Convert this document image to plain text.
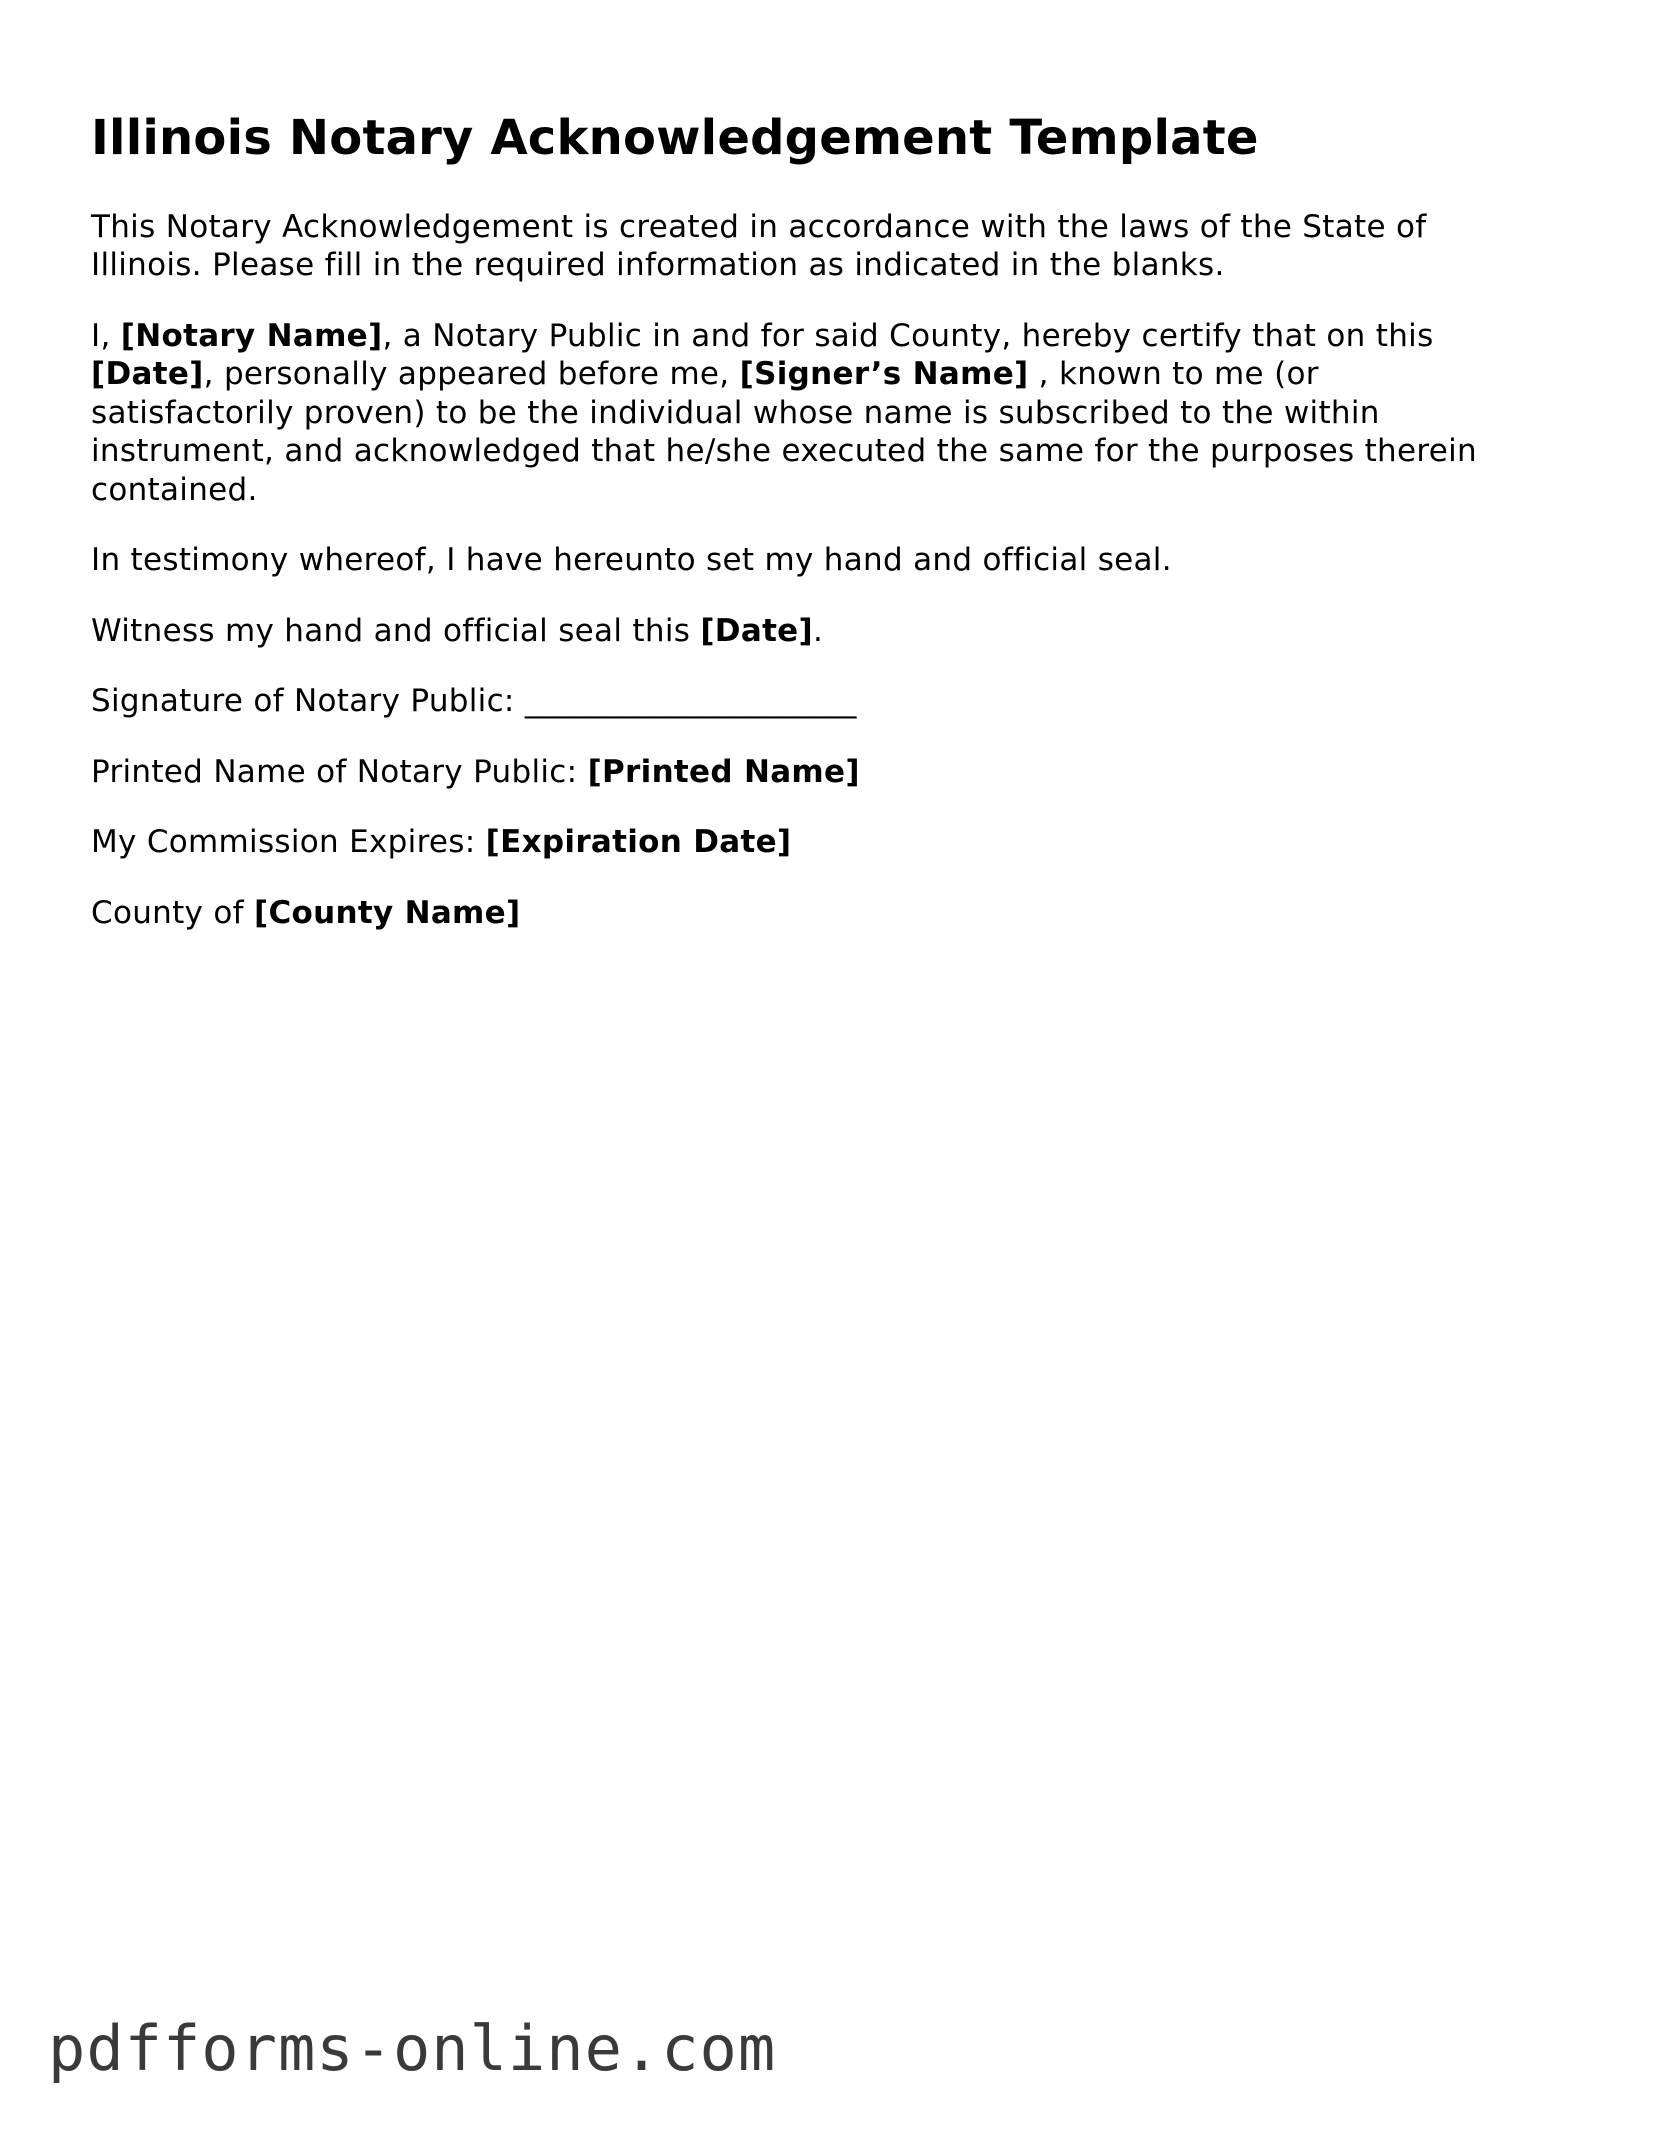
Illinois Notary Acknowledgement Template

This Notary Acknowledgement is created in accordance with the laws of the State of Illinois. Please fill in the required information as indicated in the blanks.

I, [Notary Name], a Notary Public in and for said County, hereby certify that on this [Date], personally appeared before me, [Signer’s Name] , known to me (or satisfactorily proven) to be the individual whose name is subscribed to the within instrument, and acknowledged that he/she executed the same for the purposes therein contained.

In testimony whereof, I have hereunto set my hand and official seal.

Witness my hand and official seal this [Date].

Signature of Notary Public: _____________________

Printed Name of Notary Public: [Printed Name]

My Commission Expires: [Expiration Date]

County of [County Name]

pdfforms-online.com
